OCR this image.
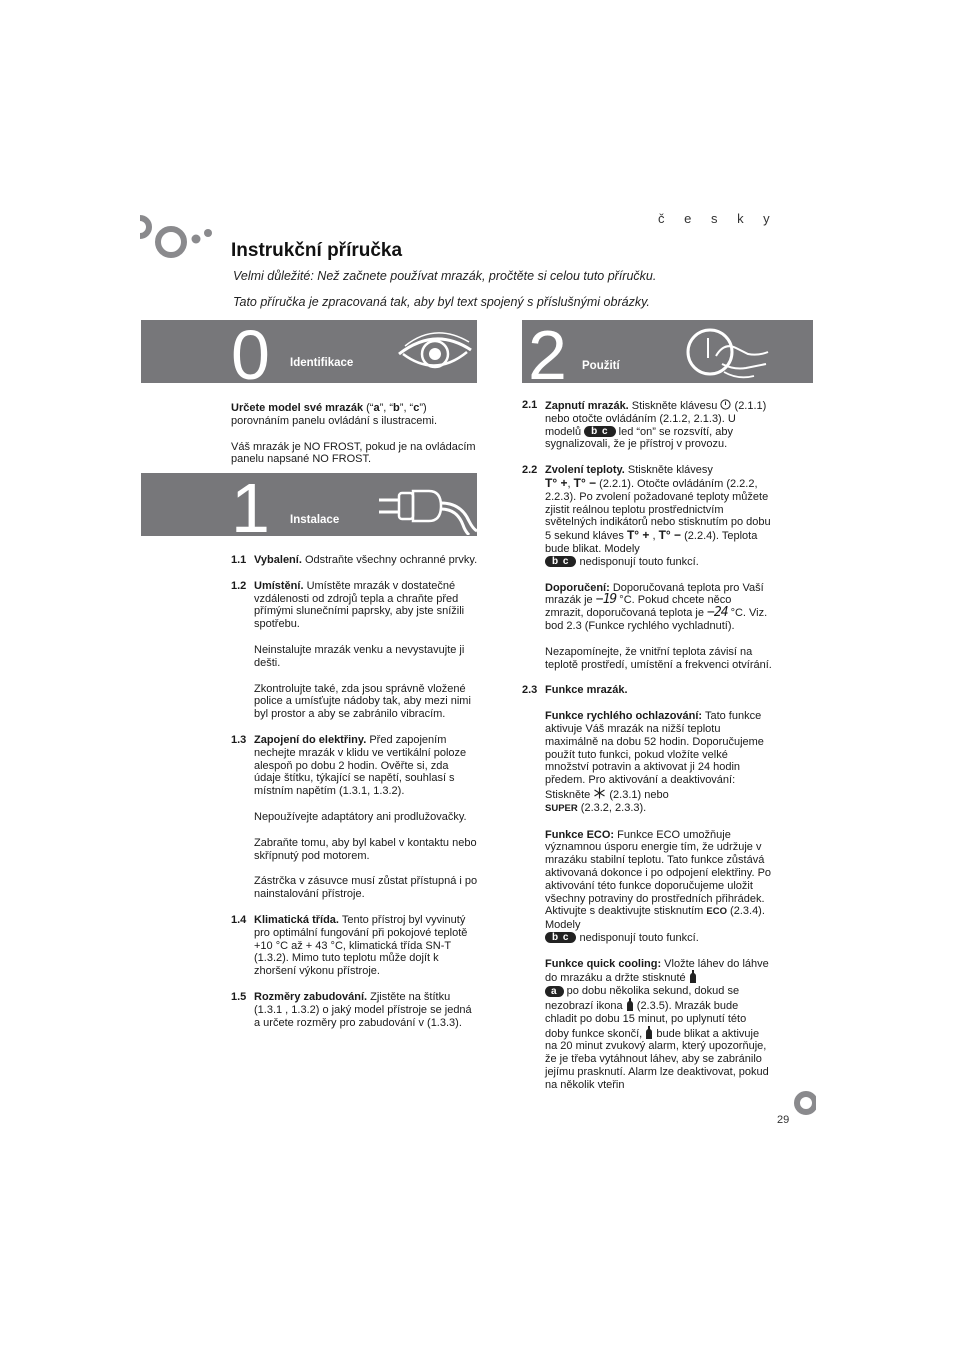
č e s k y
Instrukční příručka
Velmi důležité: Než začnete používat mrazák, pročtěte si celou tuto příručku.
Tato příručka je zpracovaná tak, aby byl text spojený s příslušnými obrázky.
0 Identifikace
1 Instalace
2 Použití

Určete model své mrazák (“a”, “b”, “c”)
porovnáním panelu ovládání s ilustracemi.

Váš mrazák je NO FROST, pokud je na ovládacím panelu napsané NO FROST.

1.1 Vybalení. Odstraňte všechny ochranné prvky.
1.2 Umístění. Umístěte mrazák v dostatečné vzdálenosti od zdrojů tepla a chraňte před přímými slunečními paprsky, aby jste snížili spotřebu.
Neinstalujte mrazák venku a nevystavujte ji dešti.
Zkontrolujte také, zda jsou správně vložené police a umísťujte nádoby tak, aby mezi nimi byl prostor a aby se zabránilo vibracím.
1.3 Zapojení do elektřiny. Před zapojením nechejte mrazák v klidu ve vertikální poloze alespoň po dobu 2 hodin. Ověřte si, zda údaje štítku, týkající se napětí, souhlasí s místním napětím (1.3.1, 1.3.2).
Nepoužívejte adaptátory ani prodlužovačky.
Zabraňte tomu, aby byl kabel v kontaktu nebo skřípnutý pod motorem.
Zástrčka v zásuvce musí zůstat přístupná i po nainstalování přístroje.
1.4 Klimatická třída. Tento přístroj byl vyvinutý pro optimální fungování při pokojové teplotě +10 °C až + 43 °C, klimatická třída SN-T (1.3.2). Mimo tuto teplotu může dojít k zhoršení výkonu přístroje.
1.5 Rozměry zabudování. Zjistěte na štítku (1.3.1 , 1.3.2) o jaký model přístroje se jedná a určete rozměry pro zabudování v (1.3.3).
2.1 Zapnutí mrazák. Stiskněte klávesu  (2.1.1) nebo otočte ovládáním (2.1.2, 2.1.3). U modelů b c led “on” se rozsvítí, aby sygnalizovali, že je přístroj v provozu.
2.2 Zvolení teploty. Stiskněte klávesy
T° +, T° − (2.2.1). Otočte ovládáním (2.2.2, 2.2.3). Po zvolení požadované teploty můžete zjistit reálnou teplotu prostřednictvím světelných indikátorů nebo stisknutím po dobu 5 sekund kláves T° + , T° − (2.2.4). Teplota bude blikat. Modely
b c nedisponují touto funkcí.
Doporučení: Doporučovaná teplota pro Vaší mrazák je −19 °C. Pokud chcete něco zmrazit, doporučovaná teplota je −24 °C. Viz. bod 2.3 (Funkce rychlého vychladnutí).
Nezapomínejte, že vnitřní teplota závisí na teplotě prostředí, umístění a frekvenci otvírání.
2.3 Funkce mrazák.
Funkce rychlého ochlazování: Tato funkce aktivuje Váš mrazák na nižší teplotu maximálně na dobu 52 hodin. Doporučujeme použít tuto funkci, pokud vložíte velké množství potravin a aktivovat ji 24 hodin předem. Pro aktivování a deaktivování: Stiskněte  (2.3.1) nebo
SUPER (2.3.2, 2.3.3).
Funkce ECO: Funkce ECO umožňuje významnou úsporu energie tím, že udržuje v mrazáku stabilní teplotu. Tato funkce zůstává aktivovaná dokonce i po odpojení elektřiny. Po aktivování této funkce doporučujeme uložit všechny potraviny do prostředních přihrádek. Aktivujte s deaktivujte stisknutím ECO (2.3.4). Modely
b c nedisponují touto funkcí.
Funkce quick cooling: Vložte láhev do láhve do mrazáku a držte stisknuté
a po dobu několika sekund, dokud se nezobrazí ikona  (2.3.5). Mrazák bude chladit po dobu 15 minut, po uplynutí této doby funkce skončí,  bude blikat a aktivuje na 20 minut zvukový alarm, který upozorňuje, že je třeba vytáhnout láhev, aby se zabránilo jejímu prasknutí. Alarm lze deaktivovat, pokud na několik vteřin
29
